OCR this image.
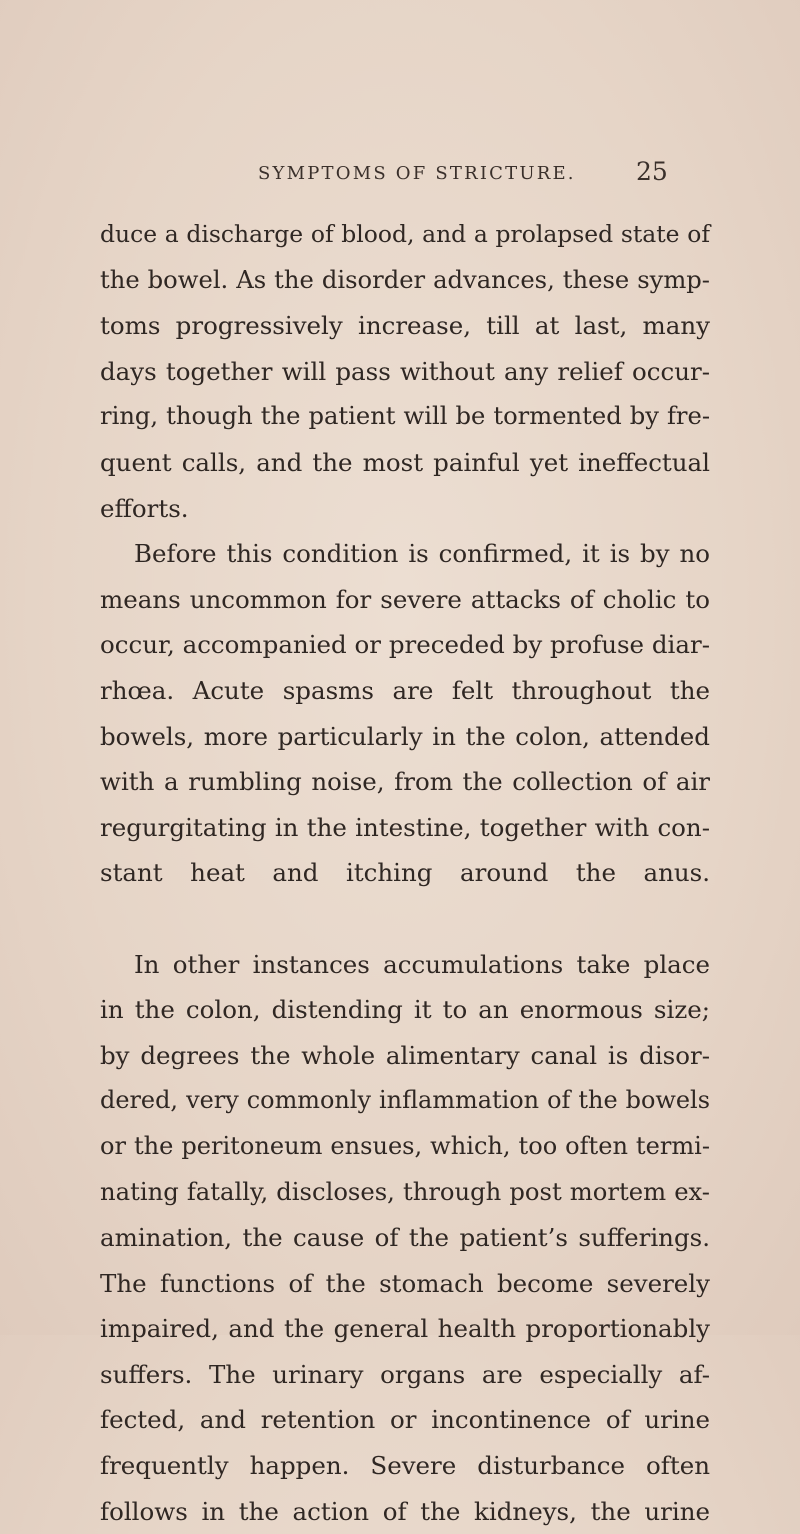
SYMPTOMS OF STRICTURE. 25
duce a discharge of blood, and a prolapsed state of
the bowel. As the disorder advances, these symp-
toms progressively increase, till at last, many
days together will pass without any relief occur-
ring, though the patient will be tormented by fre-
quent calls, and the most painful yet ineffectual
efforts.
Before this condition is confirmed, it is by no
means uncommon for severe attacks of cholic to
occur, accompanied or preceded by profuse diar-
rhœa. Acute spasms are felt throughout the
bowels, more particularly in the colon, attended
with a rumbling noise, from the collection of air
regurgitating in the intestine, together with con-
stant heat and itching around the anus.
In other instances accumulations take place
in the colon, distending it to an enormous size;
by degrees the whole alimentary canal is disor-
dered, very commonly inflammation of the bowels
or the peritoneum ensues, which, too often termi-
nating fatally, discloses, through post mortem ex-
amination, the cause of the patient’s sufferings.
The functions of the stomach become severely
impaired, and the general health proportionably
suffers. The urinary organs are especially af-
fected, and retention or incontinence of urine
frequently happen. Severe disturbance often
follows in the action of the kidneys, the urine
